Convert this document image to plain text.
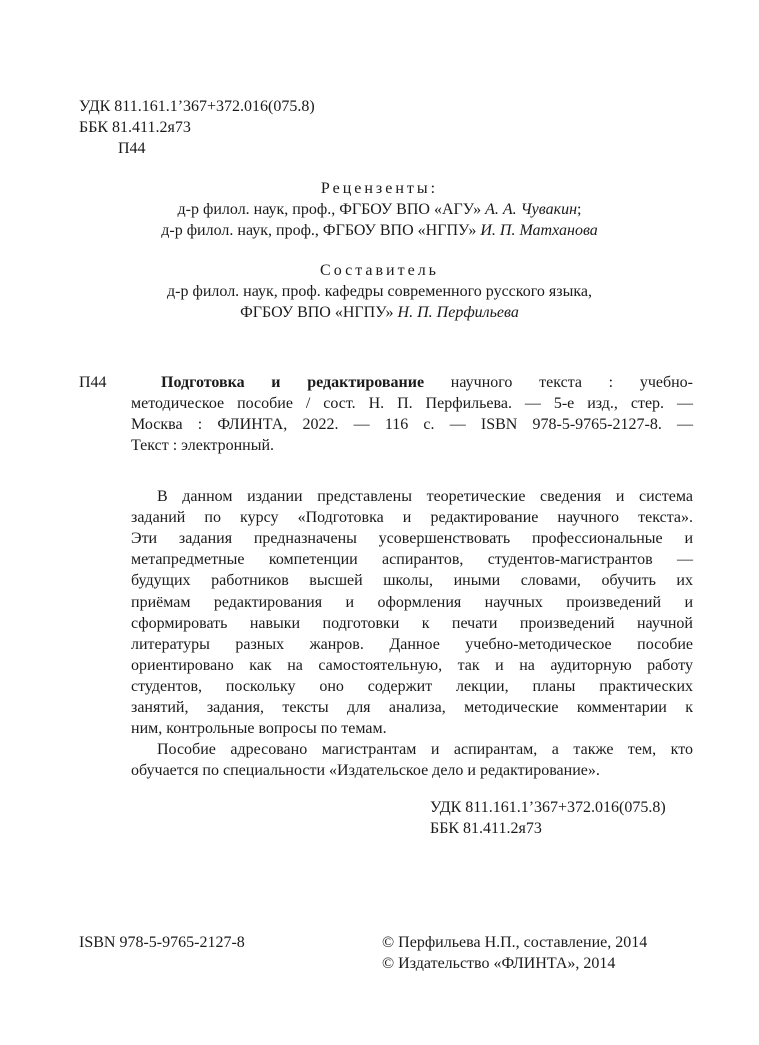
УДК 811.161.1’367+372.016(075.8)
ББК 81.411.2я73
П44
Рецензенты:
д-р филол. наук, проф., ФГБОУ ВПО «АГУ» А. А. Чувакин;
д-р филол. наук, проф., ФГБОУ ВПО «НГПУ» И. П. Матханова
Составитель
д-р филол. наук, проф. кафедры современного русского языка,
ФГБОУ ВПО «НГПУ» Н. П. Перфильева
П44	Подготовка и редактирование научного текста : учебно-
методическое пособие / сост. Н. П. Перфильева. — 5-е изд., стер. —
Москва : ФЛИНТА, 2022. — 116 с. — ISBN 978-5-9765-2127-8. —
Текст : электронный.
В данном издании представлены теоретические сведения и система
заданий по курсу «Подготовка и редактирование научного текста».
Эти задания предназначены усовершенствовать профессиональные и
метапредметные компетенции аспирантов, студентов-магистрантов —
будущих работников высшей школы, иными словами, обучить их
приёмам редактирования и оформления научных произведений и
сформировать навыки подготовки к печати произведений научной
литературы разных жанров. Данное учебно-методическое пособие
ориентировано как на самостоятельную, так и на аудиторную работу
студентов, поскольку оно содержит лекции, планы практических
занятий, задания, тексты для анализа, методические комментарии к
ним, контрольные вопросы по темам.
Пособие адресовано магистрантам и аспирантам, а также тем, кто
обучается по специальности «Издательское дело и редактирование».
УДК 811.161.1’367+372.016(075.8)
ББК 81.411.2я73
ISBN 978-5-9765-2127-8	© Перфильева Н.П., составление, 2014
© Издательство «ФЛИНТА», 2014
